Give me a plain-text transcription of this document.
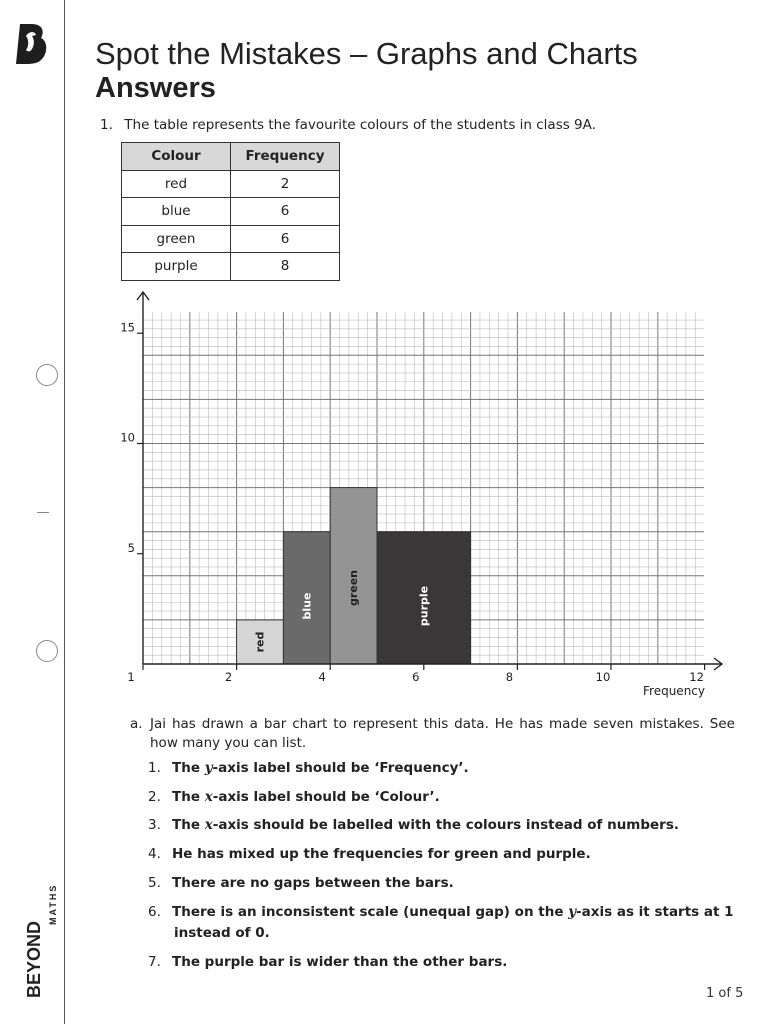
BEYOND
MATHS
Spot the Mistakes – Graphs and Charts
Answers
1. The table represents the favourite colours of the students in class 9A.
Colour	Frequency
red	2
blue	6
green	6
purple	8
red
blue	green	purple
1	2	4	6	8	10	12
5
10
15
Frequency
a. Jai has drawn a bar chart to represent this data. He has made seven mistakes. See how many you can list.
1. The y-axis label should be ‘Frequency’.
2. The x-axis label should be ‘Colour’.
3. The x-axis should be labelled with the colours instead of numbers.
4. He has mixed up the frequencies for green and purple.
5. There are no gaps between the bars.
6. There is an inconsistent scale (unequal gap) on the y-axis as it starts at 1
instead of 0.
7. The purple bar is wider than the other bars.
1 of 5
